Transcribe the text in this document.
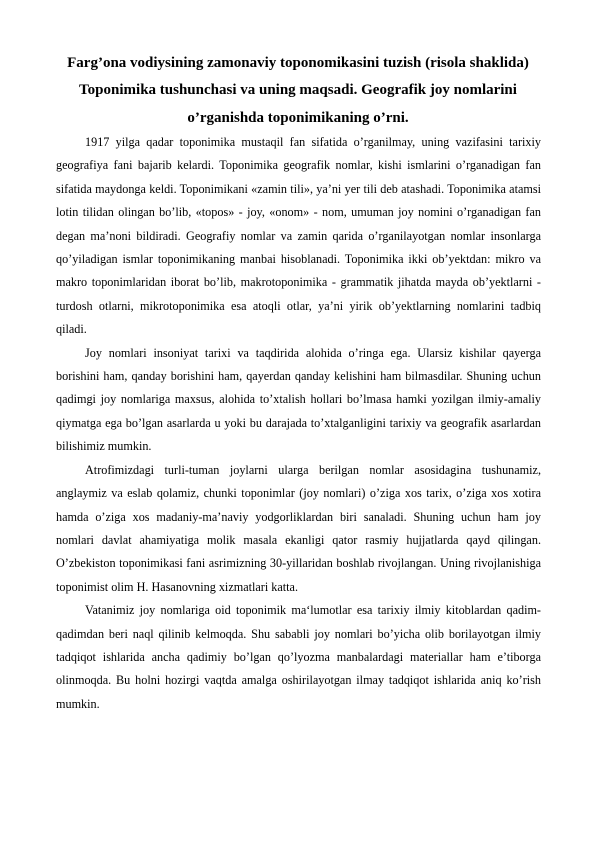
Farg’ona vodiysining zamonaviy toponomikasini tuzish (risola shaklida)
Toponimika tushunchasi va uning maqsadi. Geografik joy nomlarini
o’rganishda toponimikaning o’rni.

1917 yilga qadar toponimika mustaqil fan sifatida o’rganilmay, uning vazifasini tarixiy geografiya fani bajarib kelardi. Toponimika geografik nomlar, kishi ismlarini o’rganadigan fan sifatida maydonga keldi. Toponimikani «zamin tili», ya’ni yer tili deb atashadi. Toponimika atamsi lotin tilidan olingan bo’lib, «topos» - joy, «onom» - nom, umuman joy nomini o’rganadigan fan degan ma’noni bildiradi. Geografiy nomlar va zamin qarida o’rganilayotgan nomlar insonlarga qo’yiladigan ismlar toponimikaning manbai hisoblanadi. Toponimika ikki ob’yektdan: mikro va makro toponimlaridan iborat bo’lib, makrotoponimika - grammatik jihatda mayda ob’yektlarni - turdosh otlarni, mikrotoponimika esa atoqli otlar, ya’ni yirik ob’yektlarning nomlarini tadbiq qiladi.

Joy nomlari insoniyat tarixi va taqdirida alohida o’ringa ega. Ularsiz kishilar qayerga borishini ham, qanday borishini ham, qayerdan qanday kelishini ham bilmasdilar. Shuning uchun qadimgi joy nomlariga maxsus, alohida to’xtalish hollari bo’lmasa hamki yozilgan ilmiy-amaliy qiymatga ega bo’lgan asarlarda u yoki bu darajada to’xtalganligini tarixiy va geografik asarlardan bilishimiz mumkin.

Atrofimizdagi turli-tuman joylarni ularga berilgan nomlar asosidagina tushunamiz, anglaymiz va eslab qolamiz, chunki toponimlar (joy nomlari) o’ziga xos tarix, o’ziga xos xotira hamda o’ziga xos madaniy-ma’naviy yodgorliklardan biri sanaladi. Shuning uchun ham joy nomlari davlat ahamiyatiga molik masala ekanligi qator rasmiy hujjatlarda qayd qilingan. O’zbekiston toponimikasi fani asrimizning 30-yillaridan boshlab rivojlangan. Uning rivojlanishiga toponimist olim H. Hasanovning xizmatlari katta.

Vatanimiz joy nomlariga oid toponimik ma‘lumotlar esa tarixiy ilmiy kitoblardan qadim-qadimdan beri naql qilinib kelmoqda. Shu sababli joy nomlari bo’yicha olib borilayotgan ilmiy tadqiqot ishlarida ancha qadimiy bo’lgan qo’lyozma manbalardagi materiallar ham e’tiborga olinmoqda. Bu holni hozirgi vaqtda amalga oshirilayotgan ilmay tadqiqot ishlarida aniq ko’rish mumkin.
